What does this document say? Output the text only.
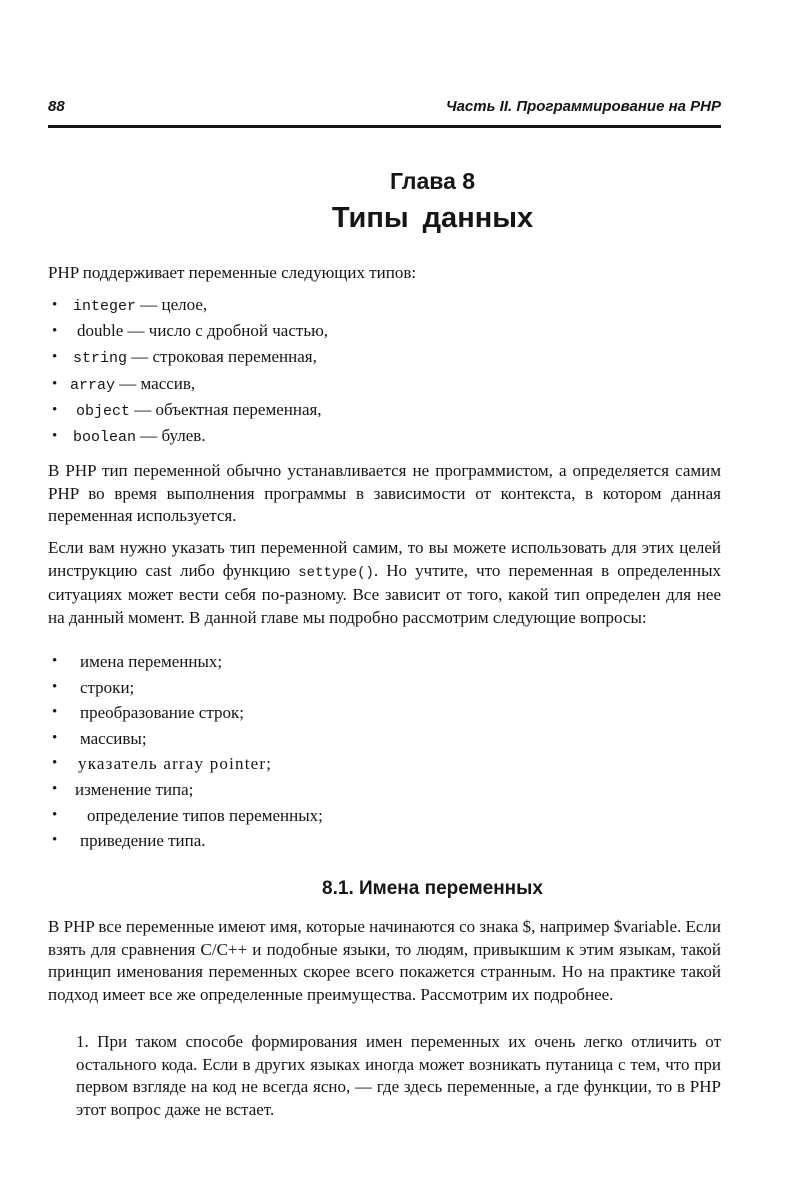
88	Часть II. Программирование на PHP
Глава 8
Типы данных

PHP поддерживает переменные следующих типов:

• integer — целое,
• double — число с дробной частью,
• string — строковая переменная,
• array — массив,
• object — объектная переменная,
• boolean — булев.

В PHP тип переменной обычно устанавливается не программистом, а определяется самим PHP во время выполнения программы в зависимости от контекста, в котором данная переменная используется.

Если вам нужно указать тип переменной самим, то вы можете использовать для этих целей инструкцию cast либо функцию settype(). Но учтите, что переменная в определенных ситуациях может вести себя по-разному. Все зависит от того, какой тип определен для нее на данный момент. В данной главе мы подробно рассмотрим следующие вопросы:

• имена переменных;
• строки;
• преобразование строк;
• массивы;
• указатель array pointer;
• изменение типа;
• определение типов переменных;
• приведение типа.
8.1. Имена переменных

В PHP все переменные имеют имя, которые начинаются со знака $, например $variable. Если взять для сравнения C/C++ и подобные языки, то людям, привыкшим к этим языкам, такой принцип именования переменных скорее всего покажется странным. Но на практике такой подход имеет все же определенные преимущества. Рассмотрим их подробнее.

1. При таком способе формирования имен переменных их очень легко отличить от остального кода. Если в других языках иногда может возникать путаница с тем, что при первом взгляде на код не всегда ясно, — где здесь переменные, а где функции, то в PHP этот вопрос даже не встает.
